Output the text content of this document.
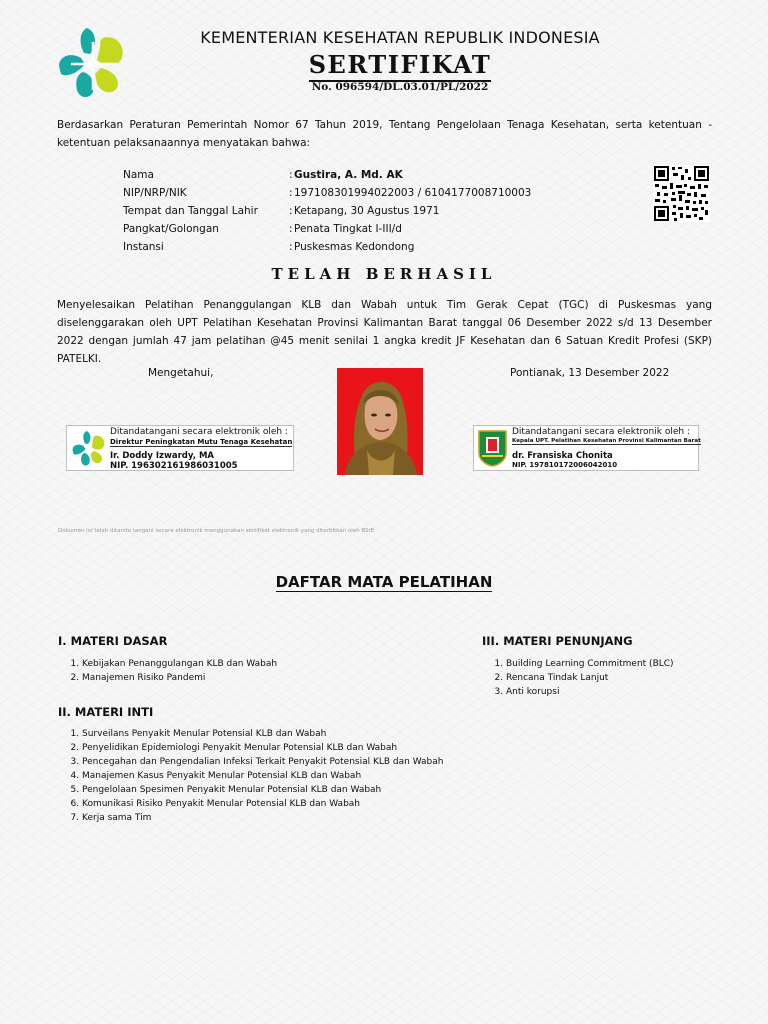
KEMENTERIAN KESEHATAN REPUBLIK INDONESIA
SERTIFIKAT
No. 096594/DL.03.01/PL/2022
Berdasarkan Peraturan Pemerintah Nomor 67 Tahun 2019, Tentang Pengelolaan Tenaga Kesehatan, serta ketentuan - ketentuan pelaksanaannya menyatakan bahwa:
Nama	: Gustira, A. Md. AK
NIP/NRP/NIK	: 197108301994022003 / 6104177008710003
Tempat dan Tanggal Lahir	: Ketapang, 30 Agustus 1971
Pangkat/Golongan	: Penata Tingkat I-III/d
Instansi	: Puskesmas Kedondong
TELAH BERHASIL
Menyelesaikan Pelatihan Penanggulangan KLB dan Wabah untuk Tim Gerak Cepat (TGC) di Puskesmas yang diselenggarakan oleh UPT Pelatihan Kesehatan Provinsi Kalimantan Barat tanggal 06 Desember 2022 s/d 13 Desember 2022 dengan jumlah 47 jam pelatihan @45 menit senilai 1 angka kredit JF Kesehatan dan 6 Satuan Kredit Profesi (SKP) PATELKI.
Mengetahui,	Pontianak, 13 Desember 2022
Ditandatangani secara elektronik oleh :
Direktur Peningkatan Mutu Tenaga Kesehatan
Ir. Doddy Izwardy, MA
NIP. 196302161986031005
Ditandatangani secara elektronik oleh :
Kepala UPT. Pelatihan Kesehatan Provinsi Kalimantan Barat
dr. Fransiska Chonita
NIP. 197810172006042010
Dokumen ini telah ditanda tangani secara elektronik menggunakan sertifikat elektronik yang diterbitkan oleh BSrE
DAFTAR MATA PELATIHAN
I. MATERI DASAR
1. Kebijakan Penanggulangan KLB dan Wabah
2. Manajemen Risiko Pandemi
II. MATERI INTI
1. Surveilans Penyakit Menular Potensial KLB dan Wabah
2. Penyelidikan Epidemiologi Penyakit Menular Potensial KLB dan Wabah
3. Pencegahan dan Pengendalian Infeksi Terkait Penyakit Potensial KLB dan Wabah
4. Manajemen Kasus Penyakit Menular Potensial KLB dan Wabah
5. Pengelolaan Spesimen Penyakit Menular Potensial KLB dan Wabah
6. Komunikasi Risiko Penyakit Menular Potensial KLB dan Wabah
7. Kerja sama Tim
III. MATERI PENUNJANG
1. Building Learning Commitment (BLC)
2. Rencana Tindak Lanjut
3. Anti korupsi
